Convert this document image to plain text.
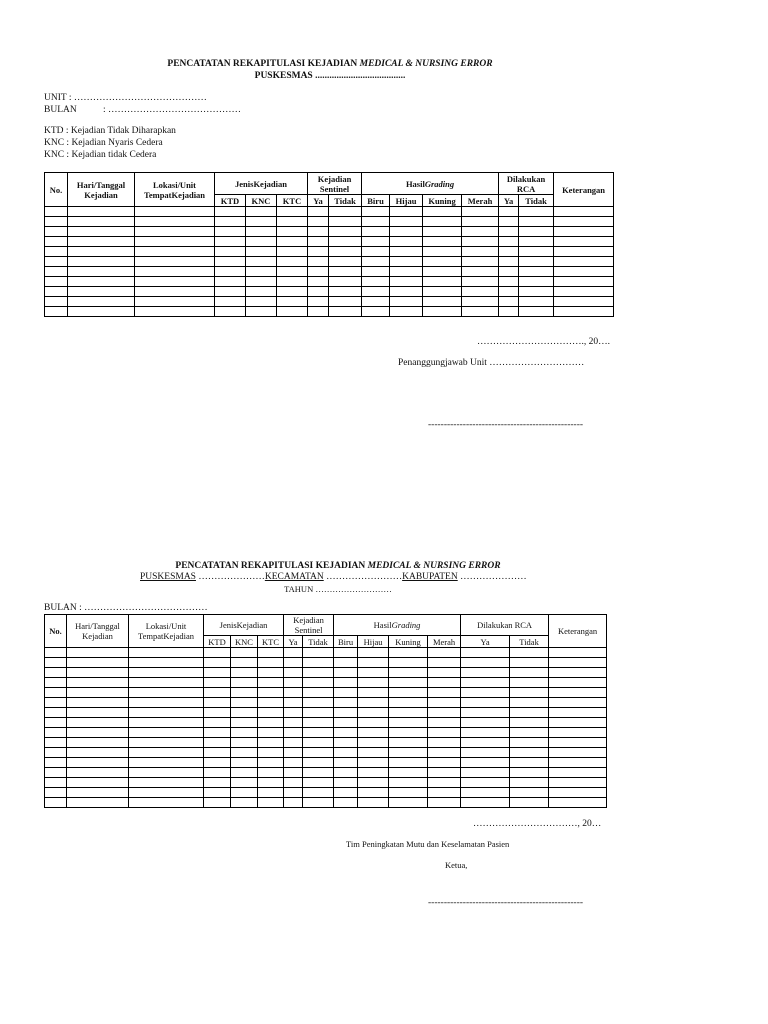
PENCATATAN REKAPITULASI KEJADIAN MEDICAL & NURSING ERROR
PUSKESMAS ......................................
UNIT : ……………………………………
BULAN	: ……………………………………
KTD : Kejadian Tidak Diharapkan
KNC : Kejadian Nyaris Cedera
KNC : Kejadian tidak Cedera
No.	Hari/Tanggal Kejadian	Lokasi/Unit TempatKejadian	JenisKejadian			Kejadian Sentinel		HasilGrading				Dilakukan RCA		Keterangan
			KTD	KNC	KTC	Ya	Tidak	Biru	Hijau	Kuning	Merah	Ya	Tidak	

……………………………., 20….
Penanggungjawab Unit …………………………
-------------------------------------------------
PENCATATAN REKAPITULASI KEJADIAN MEDICAL & NURSING ERROR
PUSKESMAS …………………KECAMATAN ……………………KABUPATEN …………………
TAHUN ………………………
BULAN : …………………………………
No.	Hari/Tanggal Kejadian	Lokasi/Unit TempatKejadian	JenisKejadian			Kejadian Sentinel		HasilGrading				Dilakukan RCA		Keterangan
			KTD	KNC	KTC	Ya	Tidak	Biru	Hijau	Kuning	Merah	Ya	Tidak	

……………………………, 20…
Tim Peningkatan Mutu dan Keselamatan Pasien
Ketua,
-------------------------------------------------
